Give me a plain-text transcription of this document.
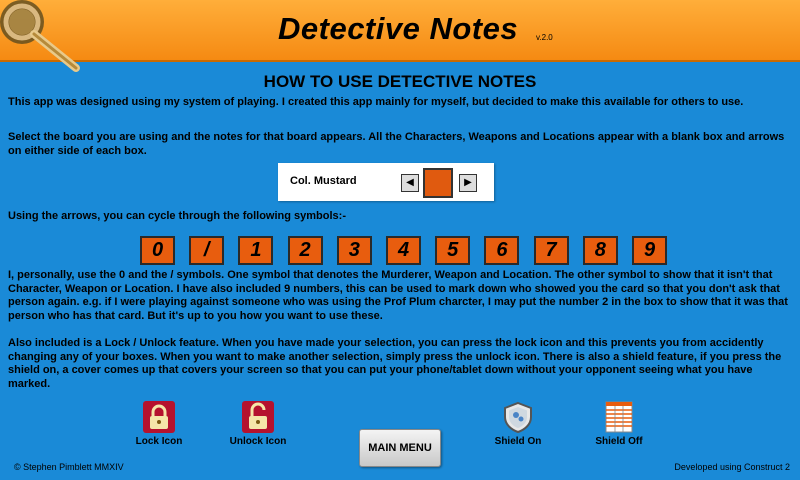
Detective Notes v.2.0
HOW TO USE DETECTIVE NOTES
This app was designed using my system of playing. I created this app mainly for myself, but decided to make this available for others to use.
Select the board you are using and the notes for that board appears. All the Characters, Weapons and Locations appear with a blank box and arrows on either side of each box.
Col. Mustard	◀	▶
Using the arrows, you can cycle through the following symbols:-
0	/	1	2	3	4	5	6	7	8	9
I, personally, use the 0 and the / symbols. One symbol that denotes the Murderer, Weapon and Location. The other symbol to show that it isn't that Character, Weapon or Location. I have also included 9 numbers, this can be used to mark down who showed you the card so that you don't ask that person again. e.g. if I were playing against someone who was using the Prof Plum charcter, I may put the number 2 in the box to show that it was that person who has that card. But it's up to you how you want to use these.
Also included is a Lock / Unlock feature. When you have made your selection, you can press the lock icon and this prevents you from accidently changing any of your boxes. When you want to make another selection, simply press the unlock icon. There is also a shield feature, if you press the shield on, a cover comes up that covers your screen so that you can put your phone/tablet down without your opponent seeing what you have marked.
Lock Icon	Unlock Icon	Shield On	Shield Off
MAIN MENU
© Stephen Pimblett MMXIV	Developed using Construct 2
